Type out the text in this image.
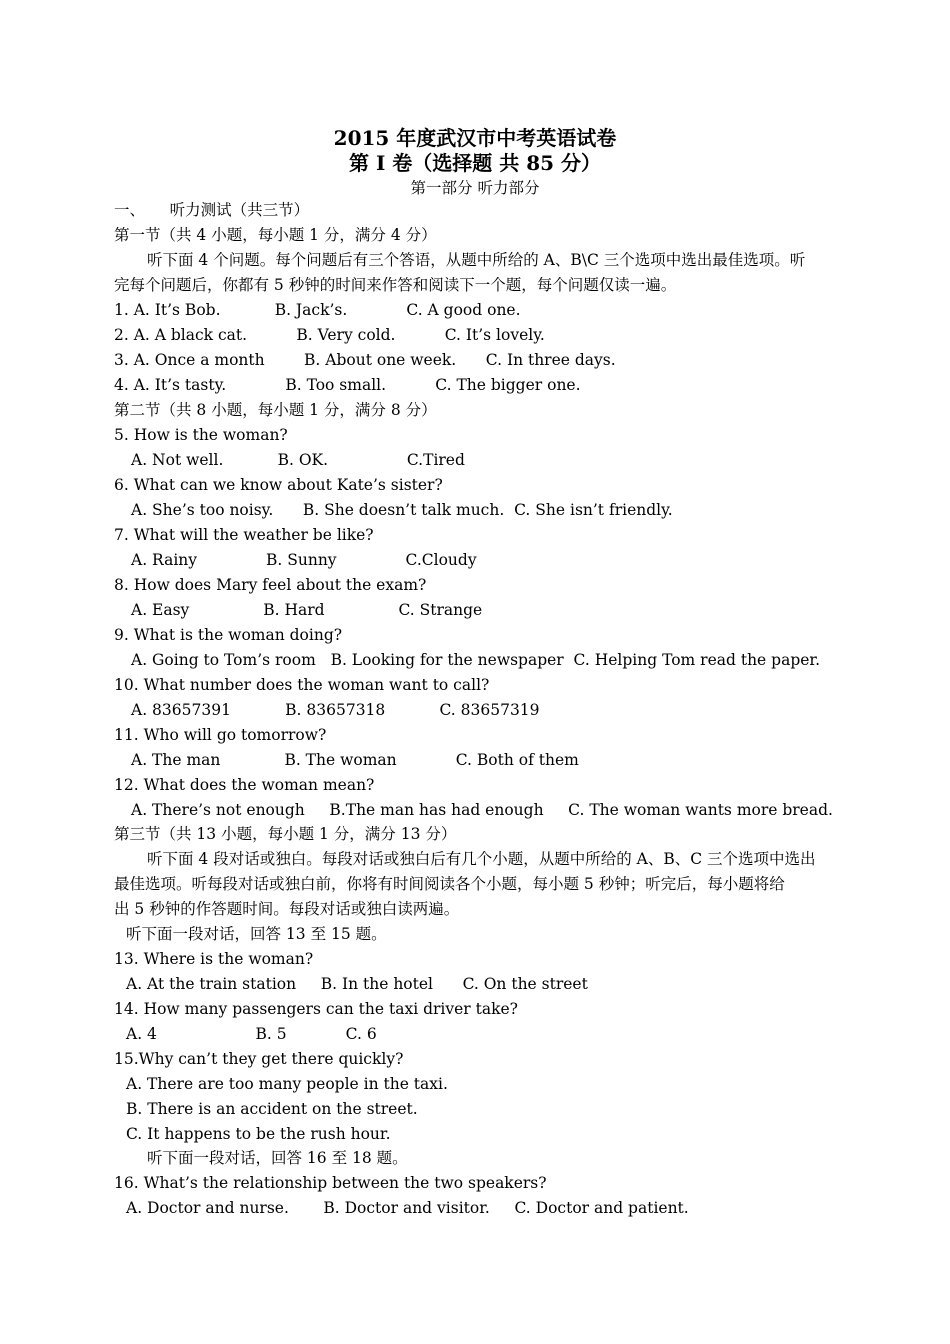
2015 年度武汉市中考英语试卷
第 I 卷（选择题 共 85 分）
第一部分 听力部分
一、     听力测试（共三节）
第一节（共 4 小题，每小题 1 分，满分 4 分）
听下面 4 个问题。每个问题后有三个答语，从题中所给的 A、B\C 三个选项中选出最佳选项。听
完每个问题后，你都有 5 秒钟的时间来作答和阅读下一个题，每个问题仅读一遍。
1. A. It’s Bob.           B. Jack’s.            C. A good one.
2. A. A black cat.          B. Very cold.          C. It’s lovely.
3. A. Once a month        B. About one week.      C. In three days.
4. A. It’s tasty.            B. Too small.          C. The bigger one.
第二节（共 8 小题，每小题 1 分，满分 8 分）
5. How is the woman?
A. Not well.           B. OK.                C.Tired
6. What can we know about Kate’s sister?
A. She’s too noisy.      B. She doesn’t talk much.  C. She isn’t friendly.
7. What will the weather be like?
A. Rainy              B. Sunny              C.Cloudy
8. How does Mary feel about the exam?
A. Easy               B. Hard               C. Strange
9. What is the woman doing?
A. Going to Tom’s room   B. Looking for the newspaper  C. Helping Tom read the paper.
10. What number does the woman want to call?
A. 83657391           B. 83657318           C. 83657319
11. Who will go tomorrow?
A. The man             B. The woman            C. Both of them
12. What does the woman mean?
A. There’s not enough     B.The man has had enough     C. The woman wants more bread.
第三节（共 13 小题，每小题 1 分，满分 13 分）
听下面 4 段对话或独白。每段对话或独白后有几个小题，从题中所给的 A、B、C 三个选项中选出
最佳选项。听每段对话或独白前，你将有时间阅读各个小题，每小题 5 秒钟；听完后，每小题将给
出 5 秒钟的作答题时间。每段对话或独白读两遍。
听下面一段对话，回答 13 至 15 题。
13. Where is the woman?
A. At the train station     B. In the hotel      C. On the street
14. How many passengers can the taxi driver take?
A. 4                    B. 5            C. 6
15.Why can’t they get there quickly?
A. There are too many people in the taxi.
B. There is an accident on the street.
C. It happens to be the rush hour.
听下面一段对话，回答 16 至 18 题。
16. What’s the relationship between the two speakers?
A. Doctor and nurse.       B. Doctor and visitor.     C. Doctor and patient.
